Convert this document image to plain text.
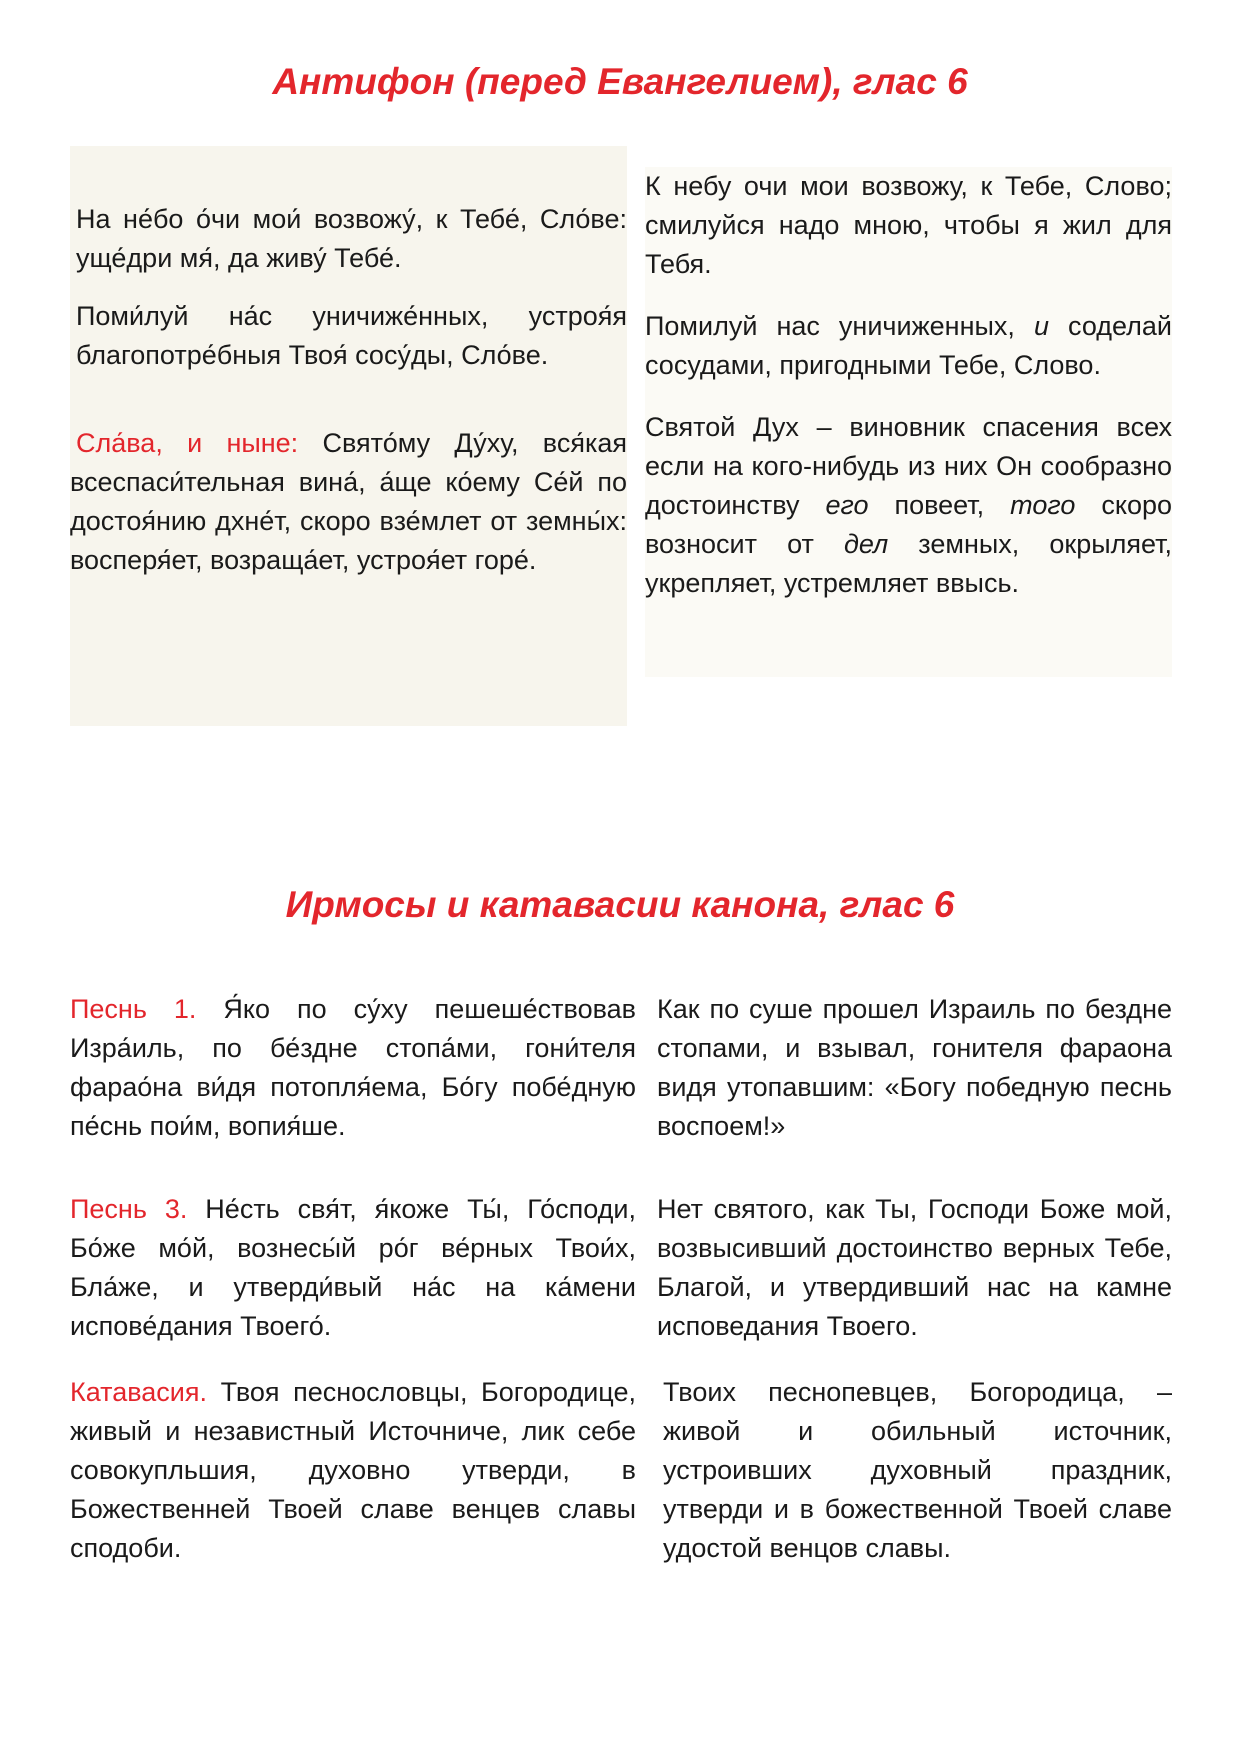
Антифон (перед Евангелием), глас 6

На не́бо о́чи мои́ возвожу́, к Тебе́, Сло́ве: уще́дри мя́, да живу́ Тебе́.

Поми́луй на́с уничиже́нных, устроя́я благопотре́бныя Твоя́ сосу́ды, Сло́ве.

Сла́ва, и ныне: Свято́му Ду́ху, вся́кая всеспаси́тельная вина́, а́ще ко́ему Се́й по достоя́нию дхне́т, скоро взе́млет от земны́х: восперя́ет, возраща́ет, устроя́ет горе́.

К небу очи мои возвожу, к Тебе, Слово; смилуйся надо мною, чтобы я жил для Тебя.

Помилуй нас уничиженных, и соделай сосудами, пригодными Тебе, Слово.

Святой Дух – виновник спасения всех если на кого-нибудь из них Он сообразно достоинству его повеет, того скоро возносит от дел земных, окрыляет, укрепляет, устремляет ввысь.

Ирмосы и катавасии канона, глас 6

Песнь 1. Я́ко по су́ху пешеше́ствовав Изра́иль, по бе́здне стопа́ми, гони́теля фарао́на ви́дя потопля́ема, Бо́гу побе́дную пе́снь пои́м, вопия́ше.

Как по суше прошел Израиль по бездне стопами, и взывал, гонителя фараона видя утопавшим: «Богу победную песнь воспоем!»

Песнь 3. Не́сть свя́т, я́коже Ты́, Го́споди, Бо́же мо́й, вознесы́й ро́г ве́рных Твои́х, Бла́же, и утверди́вый на́с на ка́мени испове́дания Твоего́.

Нет святого, как Ты, Господи Боже мой, возвысивший достоинство верных Тебе, Благой, и утвердивший нас на камне исповедания Твоего.

Катавасия. Твоя песнословцы, Богородице, живый и независтный Источниче, лик себе совокупльшия, духовно утверди, в Божественней Твоей славе венцев славы сподоби.

Твоих песнопевцев, Богородица, – живой и обильный источник, устроивших духовный праздник, утверди и в божественной Твоей славе удостой венцов славы.
